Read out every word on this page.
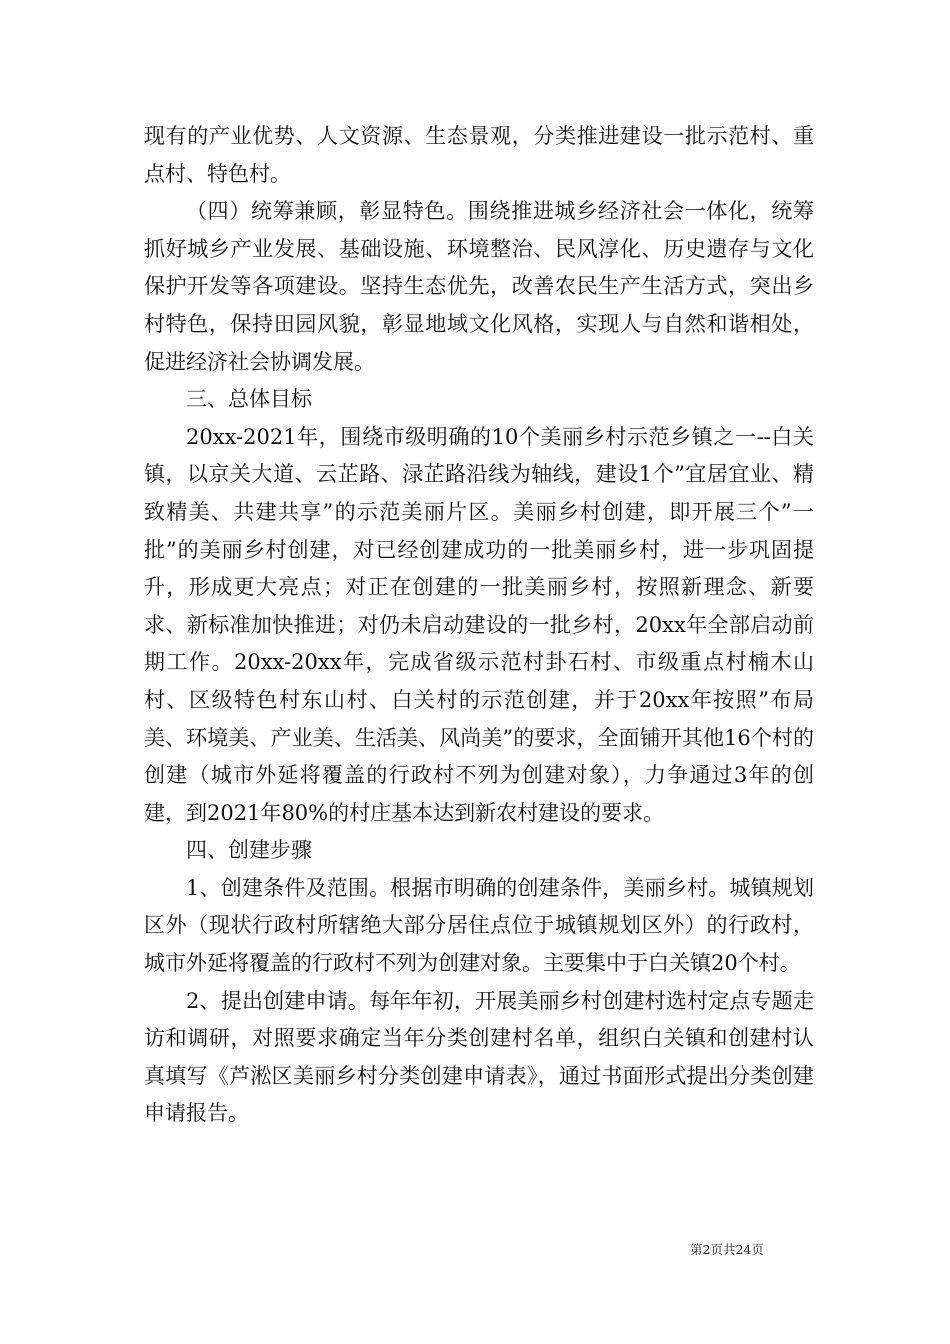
现有的产业优势、人文资源、生态景观，分类推进建设一批示范村、重点村、特色村。

（四）统筹兼顾，彰显特色。围绕推进城乡经济社会一体化，统筹抓好城乡产业发展、基础设施、环境整治、民风淳化、历史遗存与文化保护开发等各项建设。坚持生态优先，改善农民生产生活方式，突出乡村特色，保持田园风貌，彰显地域文化风格，实现人与自然和谐相处，促进经济社会协调发展。

三、总体目标

20xx-2021年，围绕市级明确的10个美丽乡村示范乡镇之一--白关镇，以京关大道、云芷路、渌芷路沿线为轴线，建设1个”宜居宜业、精致精美、共建共享”的示范美丽片区。美丽乡村创建，即开展三个”一批”的美丽乡村创建，对已经创建成功的一批美丽乡村，进一步巩固提升，形成更大亮点；对正在创建的一批美丽乡村，按照新理念、新要求、新标准加快推进；对仍未启动建设的一批乡村，20xx年全部启动前期工作。20xx-20xx年，完成省级示范村卦石村、市级重点村楠木山村、区级特色村东山村、白关村的示范创建，并于20xx年按照”布局美、环境美、产业美、生活美、风尚美”的要求，全面铺开其他16个村的创建（城市外延将覆盖的行政村不列为创建对象），力争通过3年的创建，到2021年80%的村庄基本达到新农村建设的要求。

四、创建步骤

1、创建条件及范围。根据市明确的创建条件，美丽乡村。城镇规划区外（现状行政村所辖绝大部分居住点位于城镇规划区外）的行政村，城市外延将覆盖的行政村不列为创建对象。主要集中于白关镇20个村。

2、提出创建申请。每年年初，开展美丽乡村创建村选村定点专题走访和调研，对照要求确定当年分类创建村名单，组织白关镇和创建村认真填写《芦淞区美丽乡村分类创建申请表》，通过书面形式提出分类创建申请报告。

第2页共24页
